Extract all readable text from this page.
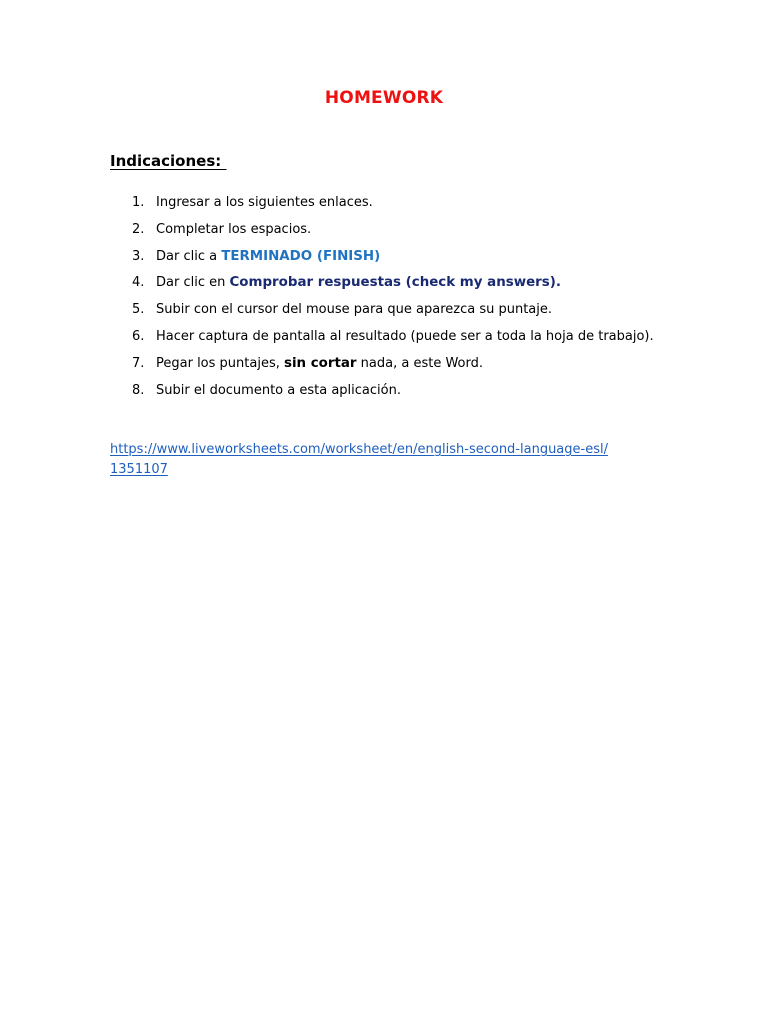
HOMEWORK
Indicaciones:
1. Ingresar a los siguientes enlaces.
2. Completar los espacios.
3. Dar clic a TERMINADO (FINISH)
4. Dar clic en Comprobar respuestas (check my answers).
5. Subir con el cursor del mouse para que aparezca su puntaje.
6. Hacer captura de pantalla al resultado (puede ser a toda la hoja de trabajo).
7. Pegar los puntajes, sin cortar nada, a este Word.
8. Subir el documento a esta aplicación.
https://www.liveworksheets.com/worksheet/en/english-second-language-esl/
1351107
